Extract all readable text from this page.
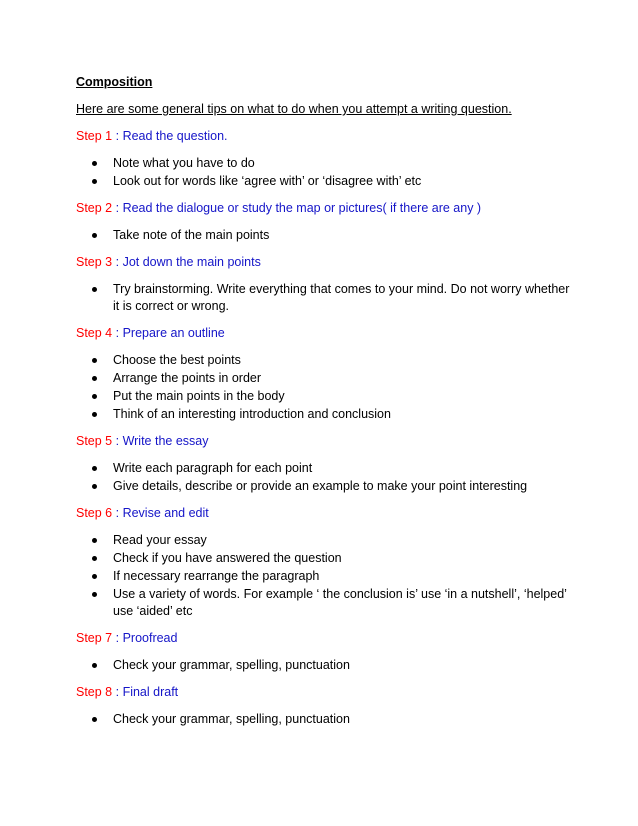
Composition

Here are some general tips on what to do when you attempt a writing question.

Step 1 : Read the question.

Note what you have to do
Look out for words like ‘agree with’ or ‘disagree with’ etc

Step 2 : Read the dialogue or study the map or pictures( if there are any )

Take note of the main points

Step 3 : Jot down the main points

Try brainstorming. Write everything that comes to your mind. Do not worry whether it is correct or wrong.

Step 4 : Prepare an outline

Choose the best points
Arrange the points in order
Put the main points in the body
Think of an interesting introduction and conclusion

Step 5 : Write the essay

Write each paragraph for each point
Give details, describe or provide an example to make your point interesting

Step 6 : Revise and edit

Read your essay
Check if you have answered the question
If necessary rearrange the paragraph
Use a variety of words. For example ‘ the conclusion is’ use ‘in a nutshell’, ‘helped’ use ‘aided’ etc

Step 7 : Proofread

Check your grammar, spelling, punctuation

Step 8 : Final draft

Check your grammar, spelling, punctuation
